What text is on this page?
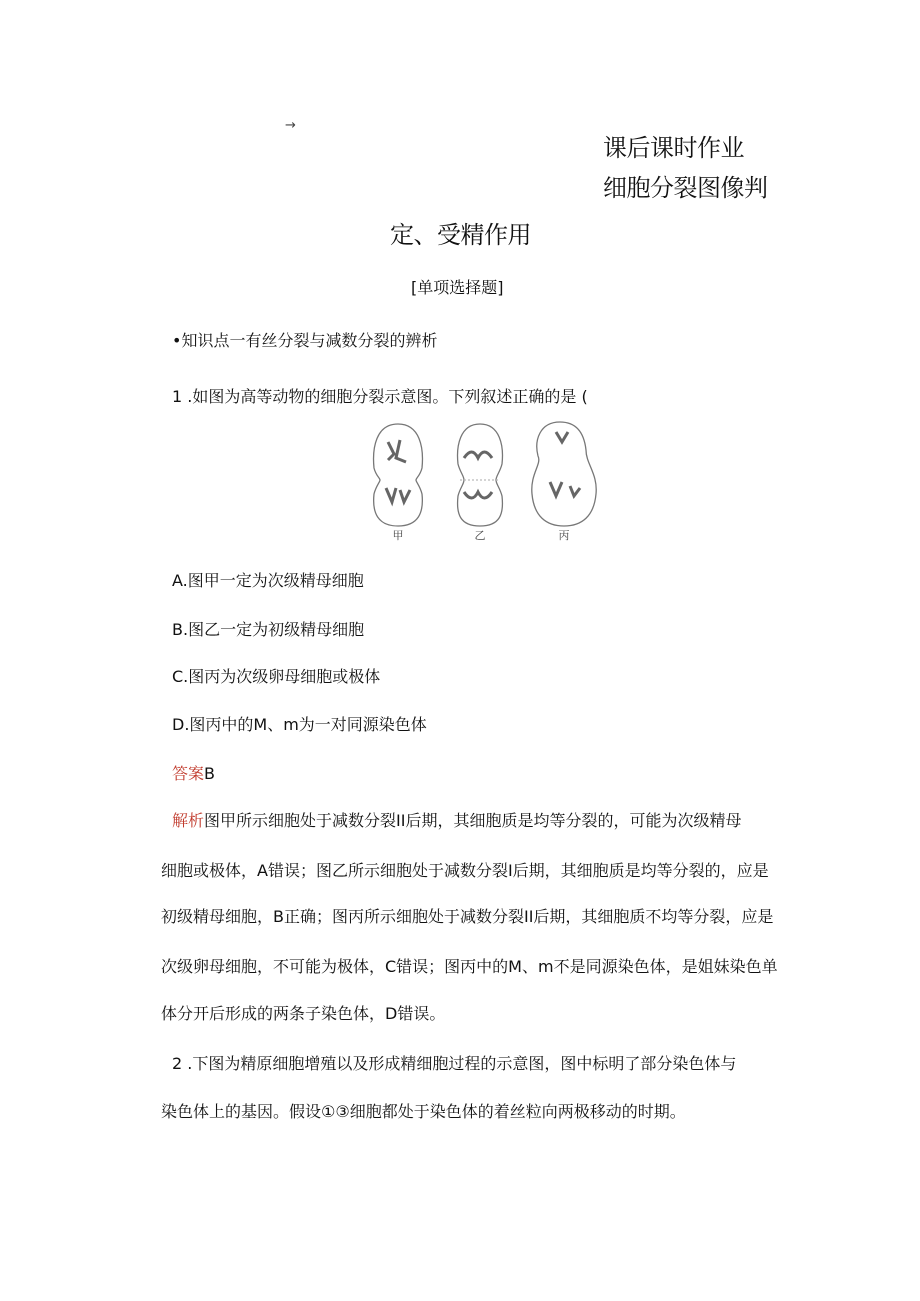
→
课后课时作业
细胞分裂图像判
定、受精作用
[单项选择题]
•知识点一有丝分裂与减数分裂的辨析
1 .如图为高等动物的细胞分裂示意图。下列叙述正确的是 (
甲	乙	丙
A.图甲一定为次级精母细胞
B.图乙一定为初级精母细胞
C.图丙为次级卵母细胞或极体
D.图丙中的M、m为一对同源染色体
答案B
解析图甲所示细胞处于减数分裂II后期，其细胞质是均等分裂的，可能为次级精母
细胞或极体，A错误；图乙所示细胞处于减数分裂I后期，其细胞质是均等分裂的，应是
初级精母细胞，B正确；图丙所示细胞处于减数分裂II后期，其细胞质不均等分裂，应是
次级卵母细胞，不可能为极体，C错误；图丙中的M、m不是同源染色体，是姐妹染色单
体分开后形成的两条子染色体，D错误。
2 .下图为精原细胞增殖以及形成精细胞过程的示意图，图中标明了部分染色体与
染色体上的基因。假设①③细胞都处于染色体的着丝粒向两极移动的时期。
